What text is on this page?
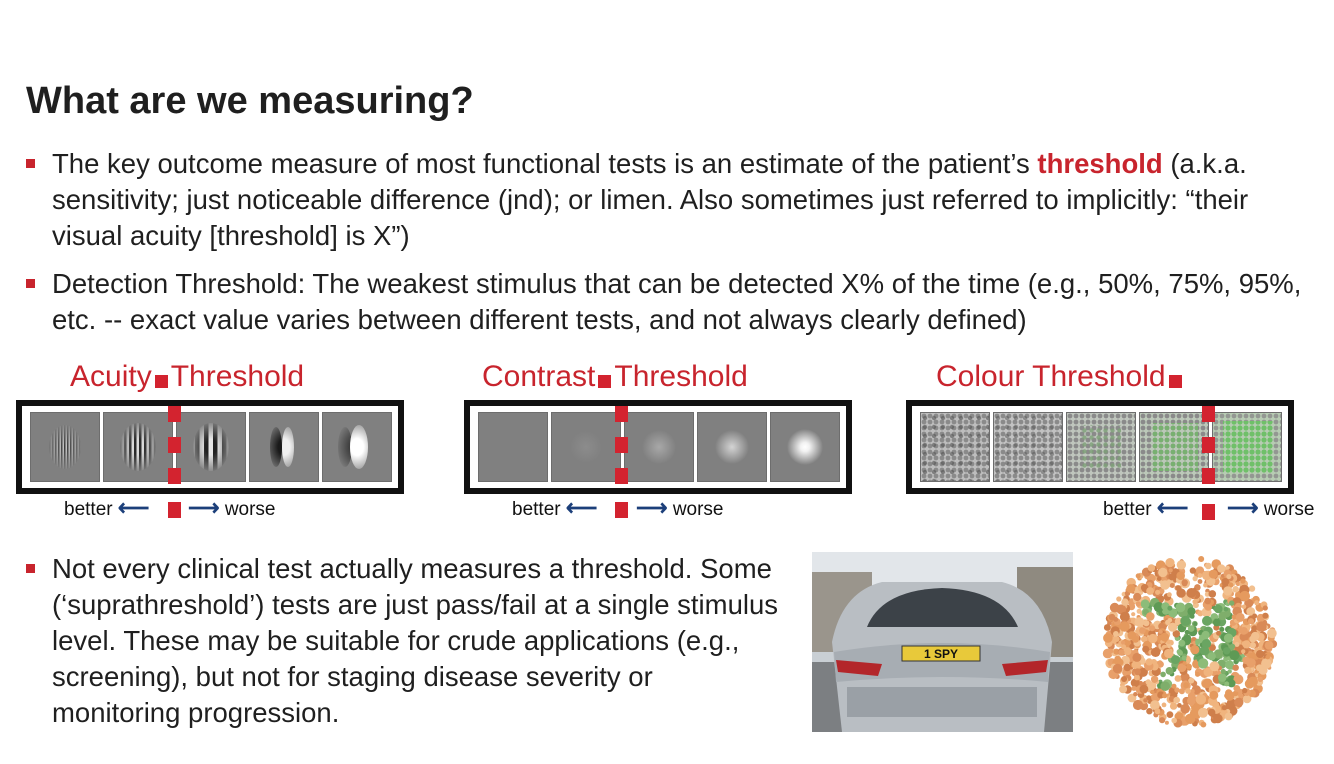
What are we measuring?
The key outcome measure of most functional tests is an estimate of the patient’s threshold (a.k.a. sensitivity; just noticeable difference (jnd); or limen. Also sometimes just referred to implicitly: “their visual acuity [threshold] is X”)
Detection Threshold: The weakest stimulus that can be detected X% of the time (e.g., 50%, 75%, 95%, etc. -- exact value varies between different tests, and not always clearly defined)
Acuity Threshold
better ⟵ ⟶ worse
Contrast Threshold
better ⟵ ⟶ worse
Colour Threshold
better ⟵ ⟶ worse
Not every clinical test actually measures a threshold. Some (‘suprathreshold’) tests are just pass/fail at a single stimulus level. These may be suitable for crude applications (e.g., screening), but not for staging disease severity or monitoring progression.
1 SPY
